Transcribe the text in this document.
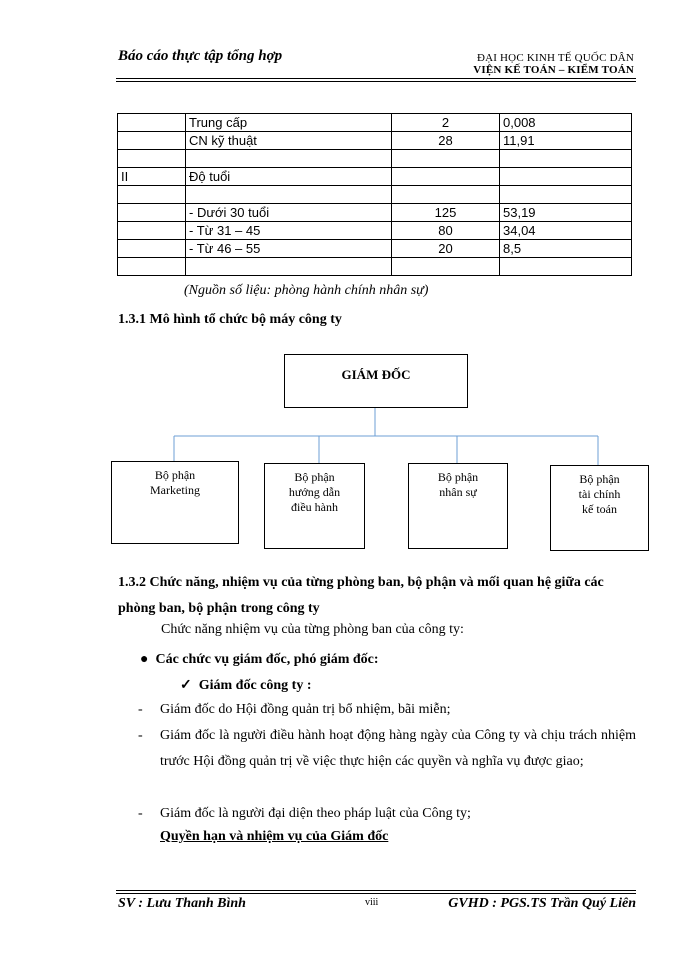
Báo cáo thực tập tổng hợp	ĐẠI HỌC KINH TẾ QUỐC DÂN
VIỆN KẾ TOÁN – KIỂM TOÁN
	Trung cấp	2	0,008
	CN kỹ thuật	28	11,91

II	Độ tuổi		

	- Dưới 30 tuổi	125	53,19
	- Từ 31 – 45	80	34,04
	- Từ 46 – 55	20	8,5

(Nguồn số liệu: phòng hành chính nhân sự)
1.3.1 Mô hình tổ chức bộ máy công ty
GIÁM ĐỐC
Bộ phận
Marketing
Bộ phận
hướng dẫn
điều hành
Bộ phận
nhân sự
Bộ phận
tài chính
kế toán
1.3.2 Chức năng, nhiệm vụ của từng phòng ban, bộ phận và mối quan hệ giữa các phòng ban, bộ phận trong công ty
Chức năng nhiệm vụ của từng phòng ban của công ty:
●  Các chức vụ giám đốc, phó giám đốc:
✓  Giám đốc công ty :
- Giám đốc do Hội đồng quản trị bổ nhiệm, bãi miễn;
- Giám đốc là người điều hành hoạt động hàng ngày của Công ty và chịu trách nhiệm trước Hội đồng quản trị về việc thực hiện các quyền và nghĩa vụ được giao;
- Giám đốc là người đại diện theo pháp luật của Công ty;
Quyền hạn và nhiệm vụ của Giám đốc
SV : Lưu Thanh Bình	viii	GVHD : PGS.TS Trần Quý Liên
